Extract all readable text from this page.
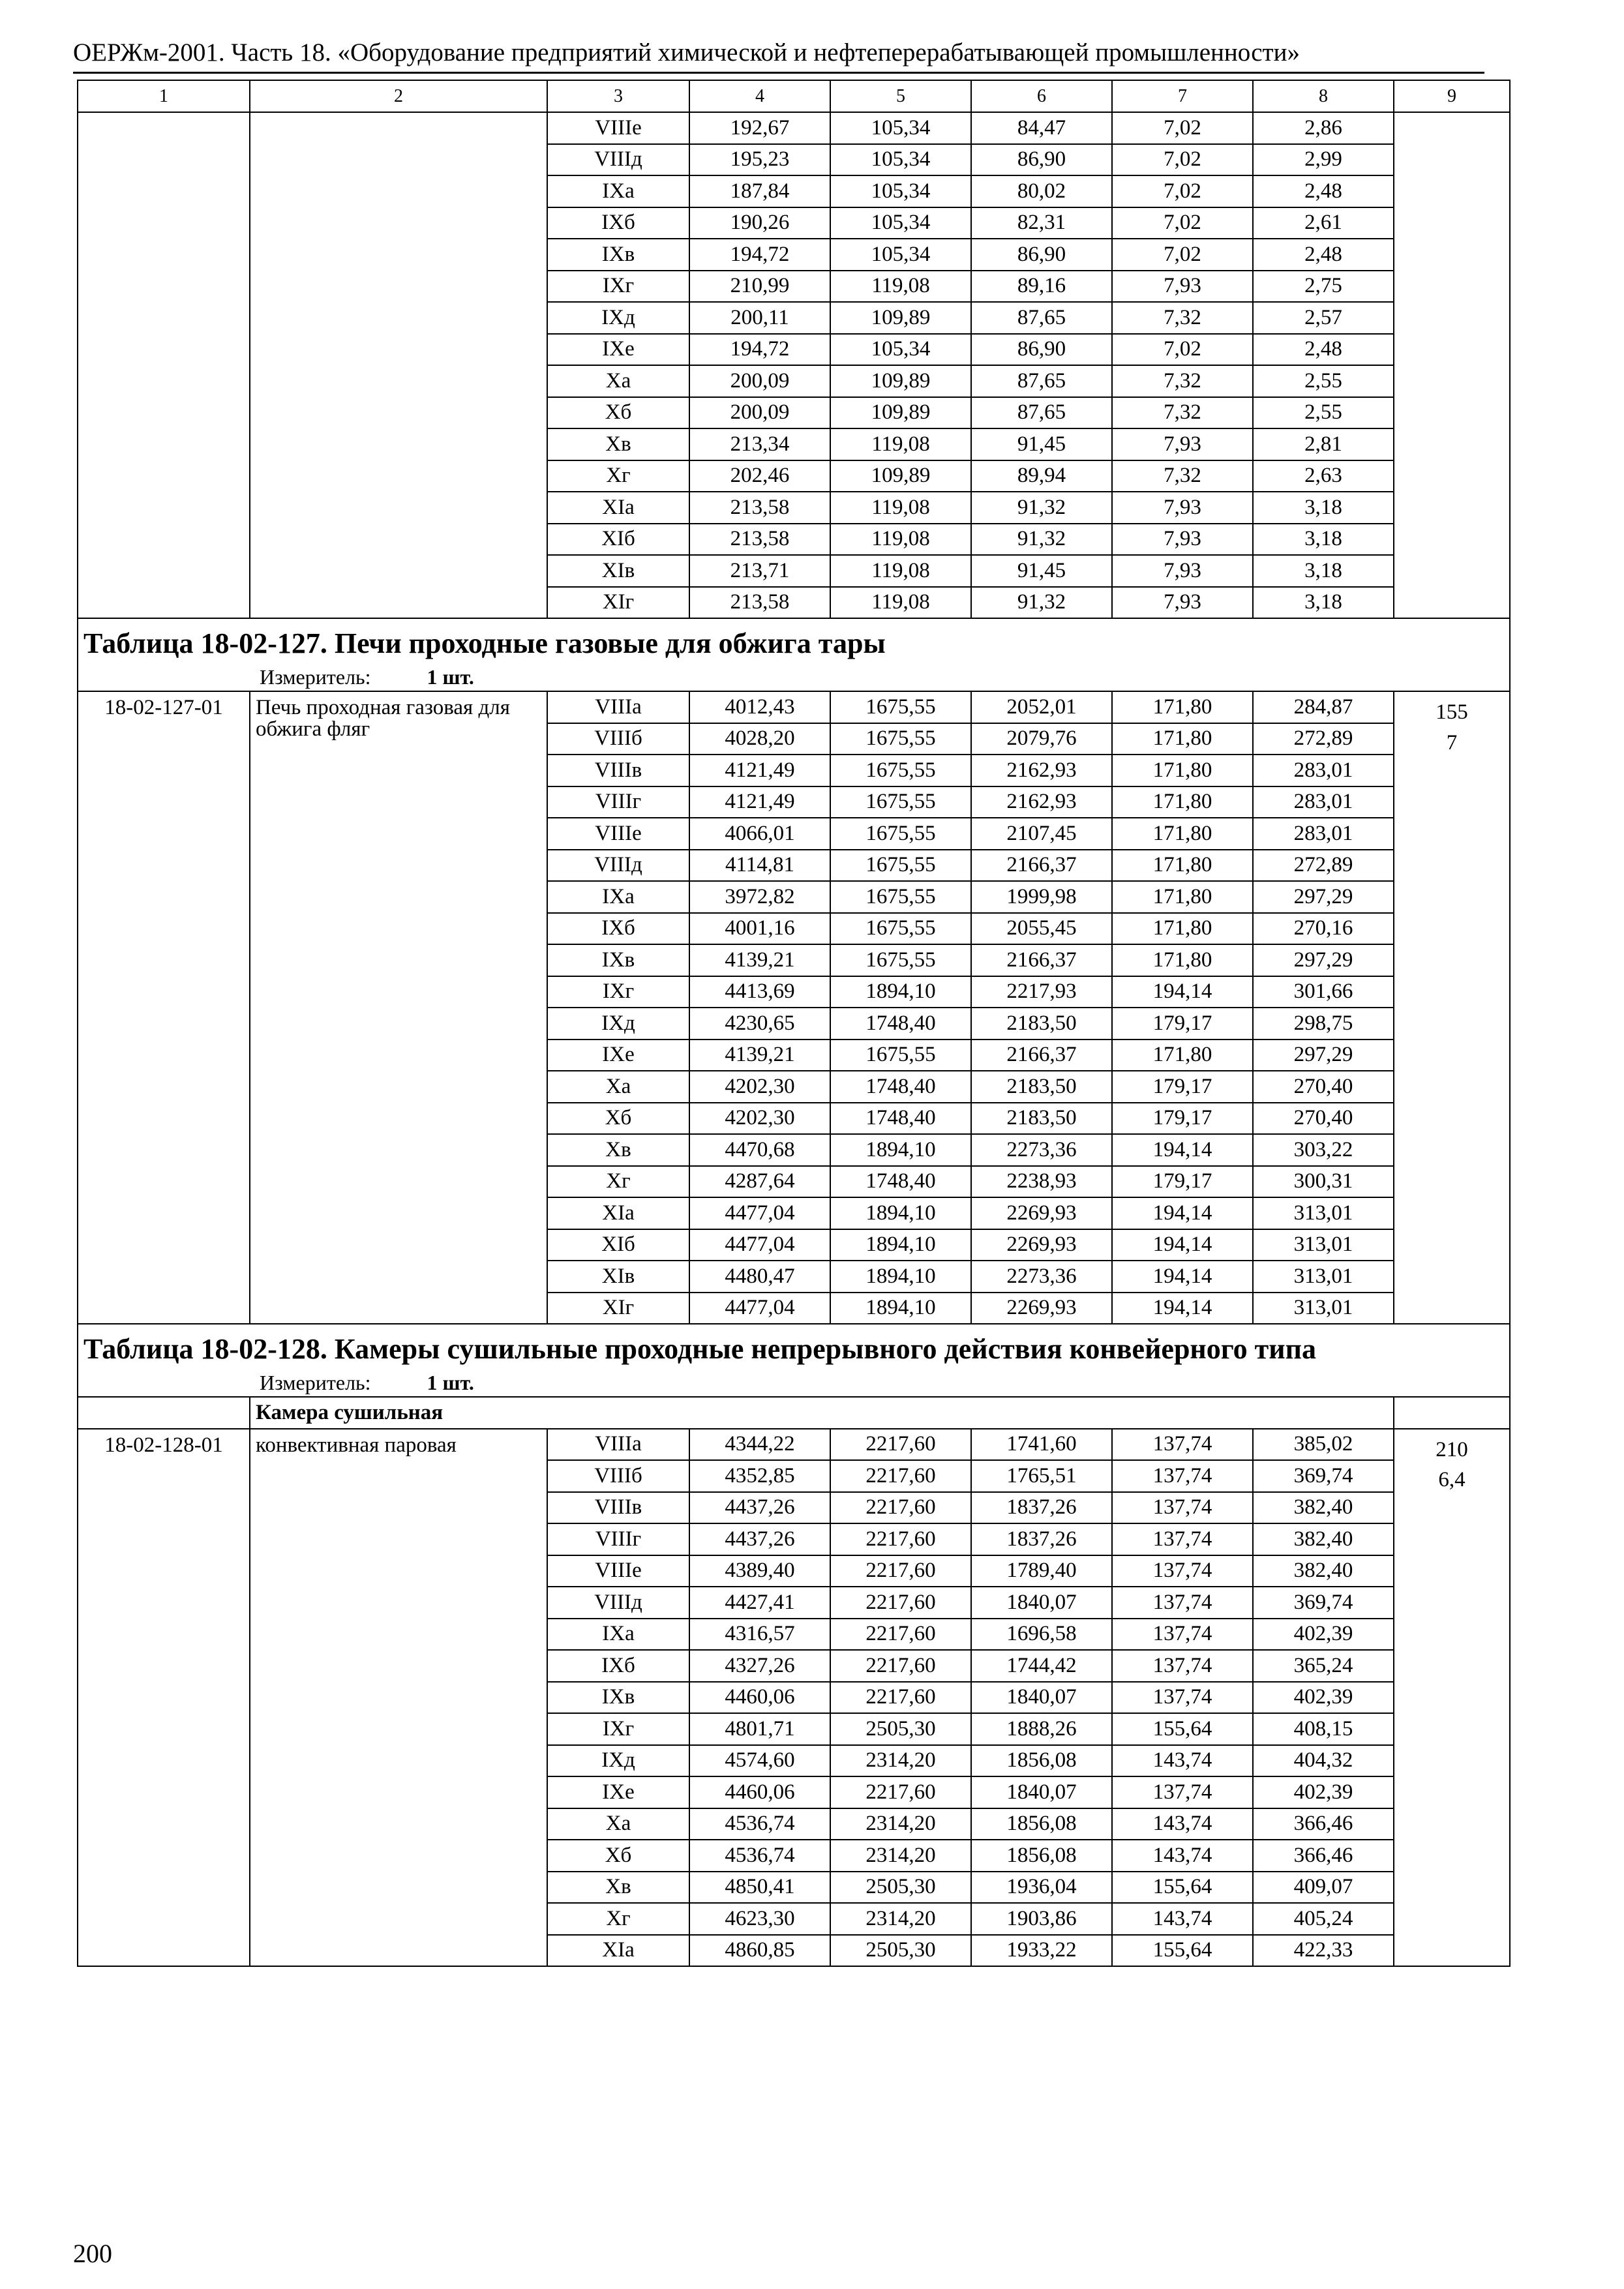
ОЕРЖм-2001. Часть 18. «Оборудование предприятий химической и нефтеперерабатывающей промышленности»
1	2	3	4	5	6	7	8	9
		VIIIе	192,67	105,34	84,47	7,02	2,86	
		VIIIд	195,23	105,34	86,90	7,02	2,99	
		IXа	187,84	105,34	80,02	7,02	2,48	
		IXб	190,26	105,34	82,31	7,02	2,61	
		IXв	194,72	105,34	86,90	7,02	2,48	
		IXг	210,99	119,08	89,16	7,93	2,75	
		IXд	200,11	109,89	87,65	7,32	2,57	
		IXе	194,72	105,34	86,90	7,02	2,48	
		Xа	200,09	109,89	87,65	7,32	2,55	
		Xб	200,09	109,89	87,65	7,32	2,55	
		Xв	213,34	119,08	91,45	7,93	2,81	
		Xг	202,46	109,89	89,94	7,32	2,63	
		XIа	213,58	119,08	91,32	7,93	3,18	
		XIб	213,58	119,08	91,32	7,93	3,18	
		XIв	213,71	119,08	91,45	7,93	3,18	
		XIг	213,58	119,08	91,32	7,93	3,18	

Таблица 18-02-127. Печи проходные газовые для обжига тары
Измеритель: 1 шт.								

18-02-127-01	Печь проходная газовая для обжига фляг	VIIIа	4012,43	1675,55	2052,01	171,80	284,87	155
7

		VIIIб	4028,20	1675,55	2079,76	171,80	272,89	
		VIIIв	4121,49	1675,55	2162,93	171,80	283,01	
		VIIIг	4121,49	1675,55	2162,93	171,80	283,01	
		VIIIе	4066,01	1675,55	2107,45	171,80	283,01	
		VIIIд	4114,81	1675,55	2166,37	171,80	272,89	
		IXа	3972,82	1675,55	1999,98	171,80	297,29	
		IXб	4001,16	1675,55	2055,45	171,80	270,16	
		IXв	4139,21	1675,55	2166,37	171,80	297,29	
		IXг	4413,69	1894,10	2217,93	194,14	301,66	
		IXд	4230,65	1748,40	2183,50	179,17	298,75	
		IXе	4139,21	1675,55	2166,37	171,80	297,29	
		Xа	4202,30	1748,40	2183,50	179,17	270,40	
		Xб	4202,30	1748,40	2183,50	179,17	270,40	
		Xв	4470,68	1894,10	2273,36	194,14	303,22	
		Xг	4287,64	1748,40	2238,93	179,17	300,31	
		XIа	4477,04	1894,10	2269,93	194,14	313,01	
		XIб	4477,04	1894,10	2269,93	194,14	313,01	
		XIв	4480,47	1894,10	2273,36	194,14	313,01	
		XIг	4477,04	1894,10	2269,93	194,14	313,01	

Таблица 18-02-128. Камеры сушильные проходные непрерывного действия конвейерного типа
Измеритель: 1 шт.								

	Камера сушильная							
18-02-128-01	конвективная паровая	VIIIа	4344,22	2217,60	1741,60	137,74	385,02	210
6,4

		VIIIб	4352,85	2217,60	1765,51	137,74	369,74	
		VIIIв	4437,26	2217,60	1837,26	137,74	382,40	
		VIIIг	4437,26	2217,60	1837,26	137,74	382,40	
		VIIIе	4389,40	2217,60	1789,40	137,74	382,40	
		VIIIд	4427,41	2217,60	1840,07	137,74	369,74	
		IXа	4316,57	2217,60	1696,58	137,74	402,39	
		IXб	4327,26	2217,60	1744,42	137,74	365,24	
		IXв	4460,06	2217,60	1840,07	137,74	402,39	
		IXг	4801,71	2505,30	1888,26	155,64	408,15	
		IXд	4574,60	2314,20	1856,08	143,74	404,32	
		IXе	4460,06	2217,60	1840,07	137,74	402,39	
		Xа	4536,74	2314,20	1856,08	143,74	366,46	
		Xб	4536,74	2314,20	1856,08	143,74	366,46	
		Xв	4850,41	2505,30	1936,04	155,64	409,07	
		Xг	4623,30	2314,20	1903,86	143,74	405,24	
		XIа	4860,85	2505,30	1933,22	155,64	422,33	
200
